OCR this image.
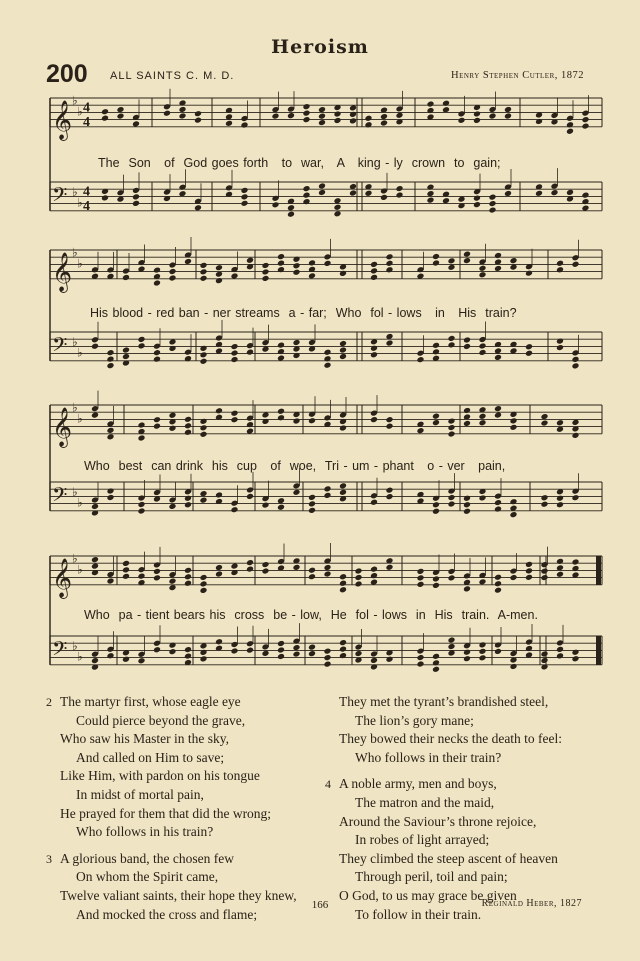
Heroism
200 ALL SAINTS C. M. D.	Henry Stephen Cutler, 1872
𝄞 ♭
♭ 4
4
𝄢 ♭
♭
4
4
𝄞 ♭
♭
𝄢 ♭
♭
𝄞 ♭
♭
𝄢 ♭
♭
𝄞 ♭
♭
𝄢 ♭
♭
The  Son   of  God goes forth   to  war,   A   king - ly  crown  to  gain;
His blood - red ban - ner streams  a - far;  Who  fol - lows   in   His  train?
Who  best  can drink  his  cup   of  woe,  Tri - um - phant   o - ver   pain,
Who  pa - tient bears his  cross  be - low,  He  fol - lows  in  His  train.  A-men.
2 The martyr first, whose eagle eye
Could pierce beyond the grave,
Who saw his Master in the sky,
And called on Him to save;
Like Him, with pardon on his tongue
In midst of mortal pain,
He prayed for them that did the wrong;
Who follows in his train?
3 A glorious band, the chosen few
On whom the Spirit came,
Twelve valiant saints, their hope they knew,
And mocked the cross and flame;
They met the tyrant’s brandished steel,
The lion’s gory mane;
They bowed their necks the death to feel:
Who follows in their train?
4 A noble army, men and boys,
The matron and the maid,
Around the Saviour’s throne rejoice,
In robes of light arrayed;
They climbed the steep ascent of heaven
Through peril, toil and pain;
O God, to us may grace be given
To follow in their train.
166	Reginald Heber, 1827
